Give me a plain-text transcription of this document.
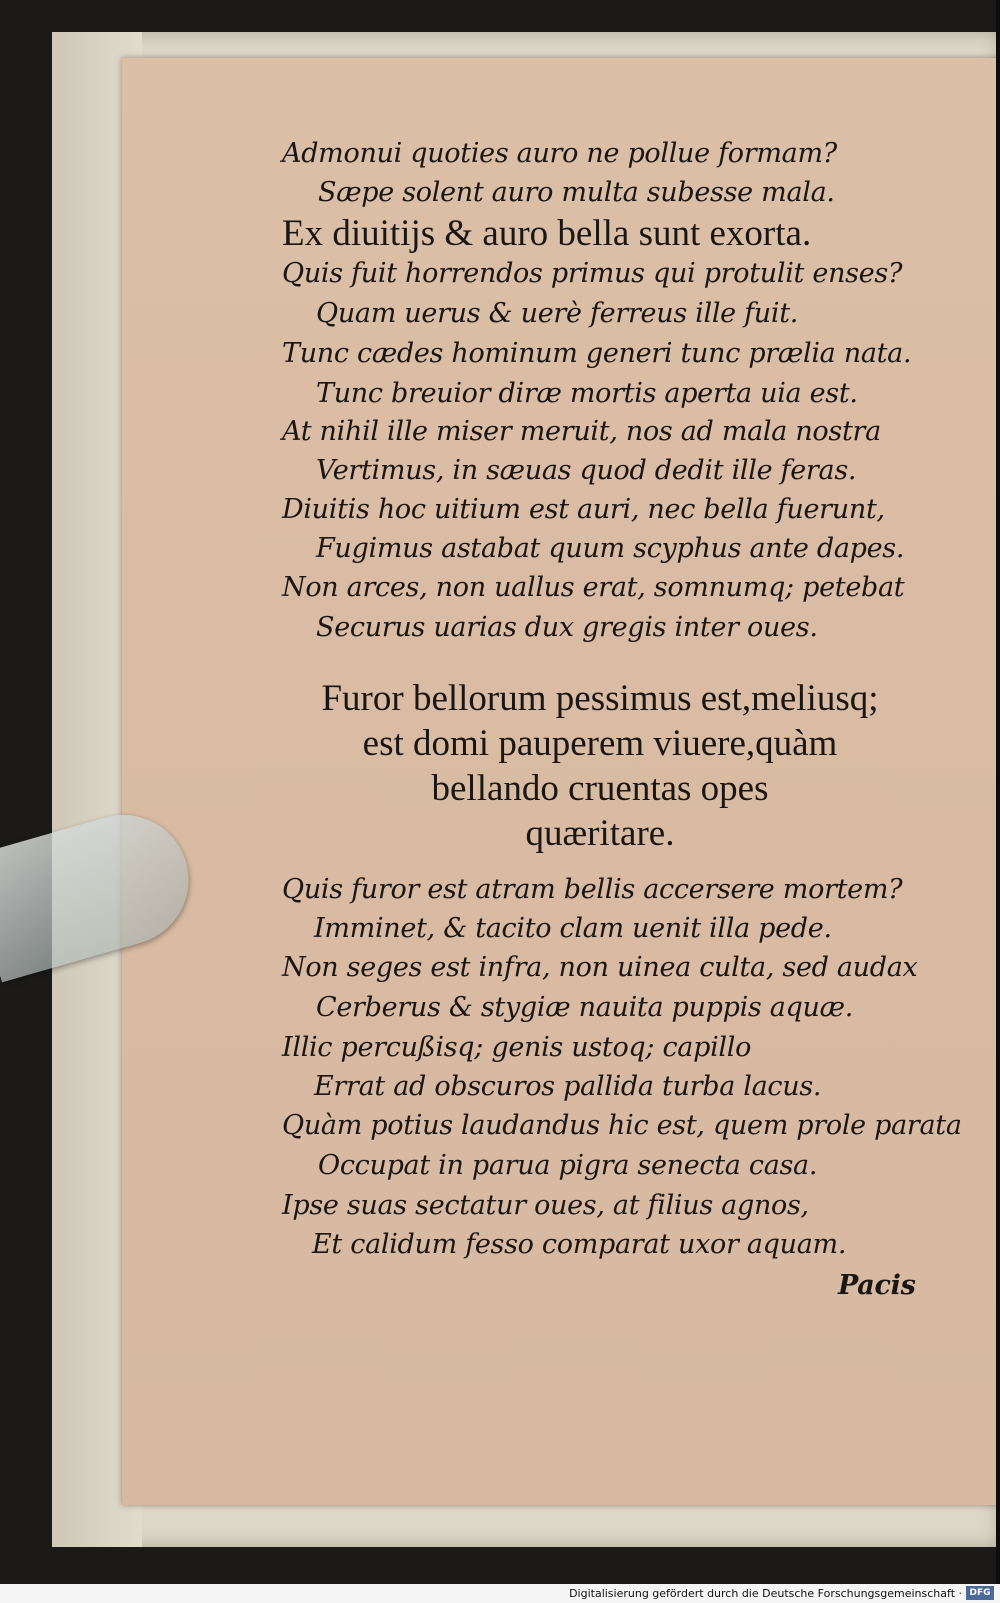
Admonui quoties auro ne pollue formam?
Sæpe solent auro multa subesse mala.
Ex diuitijs & auro bella sunt exorta.
Quis fuit horrendos primus qui protulit enses?
Quam uerus & uerè ferreus ille fuit.
Tunc cædes hominum generi tunc prælia nata.
Tunc breuior diræ mortis aperta uia est.
At nihil ille miser meruit, nos ad mala nostra
Vertimus, in sæuas quod dedit ille feras.
Diuitis hoc uitium est auri, nec bella fuerunt,
Fugimus astabat quum scyphus ante dapes.
Non arces, non uallus erat, somnumq; petebat
Securus uarias dux gregis inter oues.
Furor bellorum pessimus est,meliusq;
est domi pauperem viuere,quàm
bellando cruentas opes
quæritare.
Quis furor est atram bellis accersere mortem?
Imminet, & tacito clam uenit illa pede.
Non seges est infra, non uinea culta, sed audax
Cerberus & stygiæ nauita puppis aquæ.
Illic percußisq; genis ustoq; capillo
Errat ad obscuros pallida turba lacus.
Quàm potius laudandus hic est, quem prole parata
Occupat in parua pigra senecta casa.
Ipse suas sectatur oues, at filius agnos,
Et calidum fesso comparat uxor aquam.
Pacis
Digitalisierung gefördert durch die Deutsche Forschungsgemeinschaft · DFG
